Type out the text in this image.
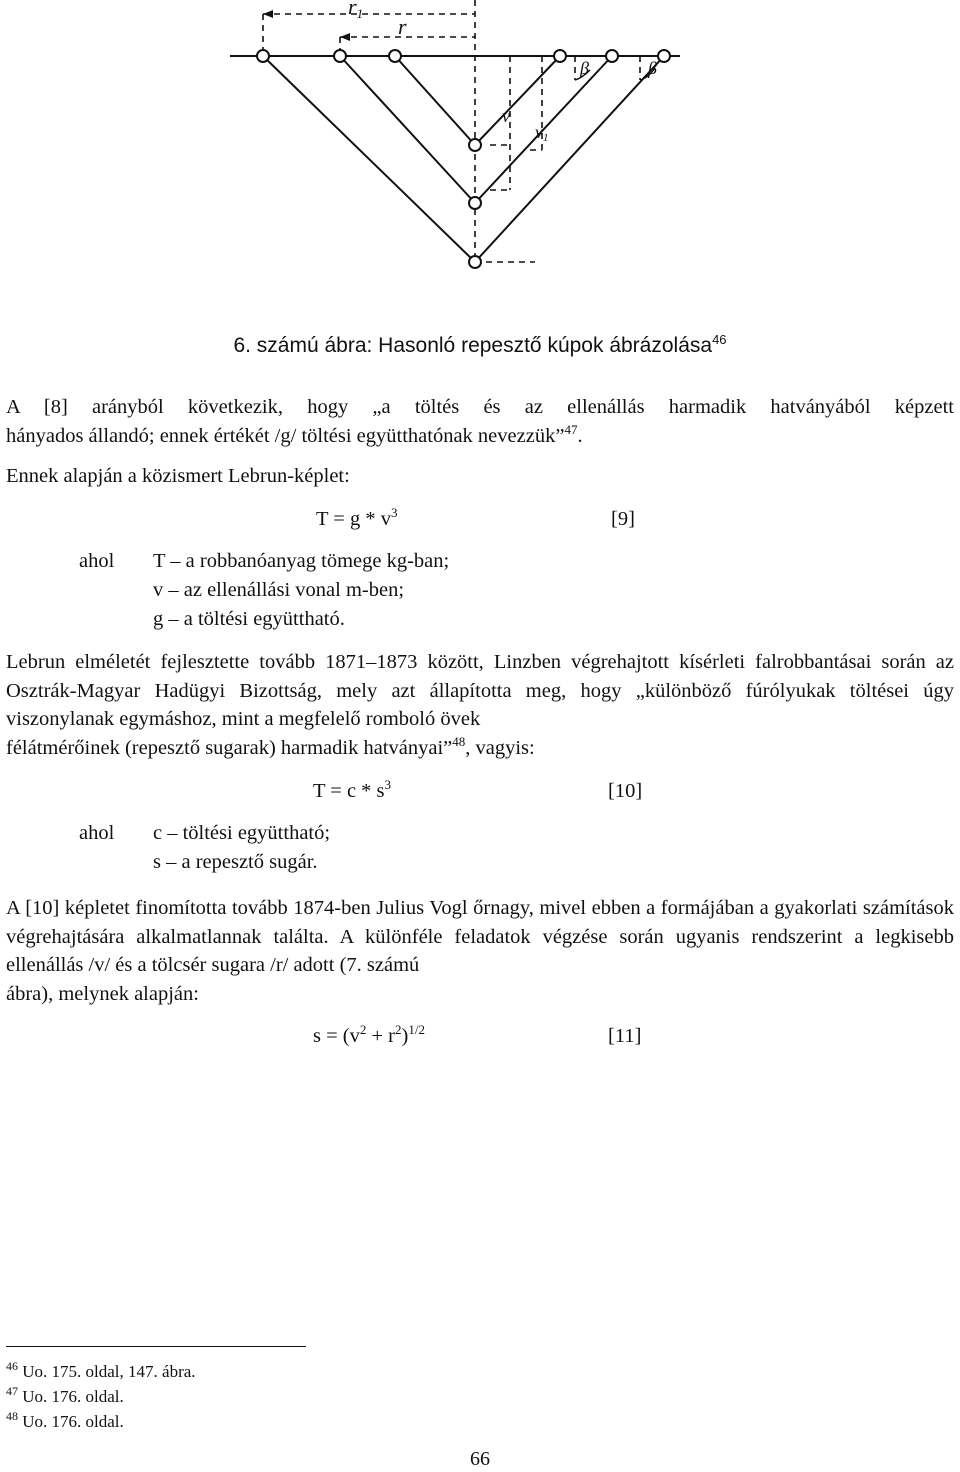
r1
r
β	β
v
v1
6. számú ábra: Hasonló repesztő kúpok ábrázolása$^{46}$
A [8] arányból következik, hogy „a töltés és az ellenállás harmadik hatványából képzett
hányados állandó; ennek értékét /g/ töltési együtthatónak nevezzük”$^{47}$.
Ennek alapján a közismert Lebrun-képlet:
$T = g * v^3$	[9]
ahol T – a robbanóanyag tömege kg-ban;
v – az ellenállási vonal m-ben;
g – a töltési együttható.
Lebrun elméletét fejlesztette tovább 1871–1873 között, Linzben végrehajtott kísérleti falrobbantásai során az Osztrák-Magyar Hadügyi Bizottság, mely azt állapította meg, hogy „különböző fúrólyukak töltései úgy viszonylanak egymáshoz, mint a megfelelő romboló övek
félátmérőinek (repesztő sugarak) harmadik hatványai”$^{48}$, vagyis:
$T = c * s^3$	[10]
ahol c – töltési együttható;
s – a repesztő sugár.
A [10] képletet finomította tovább 1874-ben Julius Vogl őrnagy, mivel ebben a formájában a gyakorlati számítások végrehajtására alkalmatlannak találta. A különféle feladatok végzése során ugyanis rendszerint a legkisebb ellenállás /v/ és a tölcsér sugara /r/ adott (7. számú
ábra), melynek alapján:
$s = (v^2 + r^2)^{1/2}$	[11]
$^{46}$ Uo. 175. oldal, 147. ábra.
$^{47}$ Uo. 176. oldal.
$^{48}$ Uo. 176. oldal.
66
